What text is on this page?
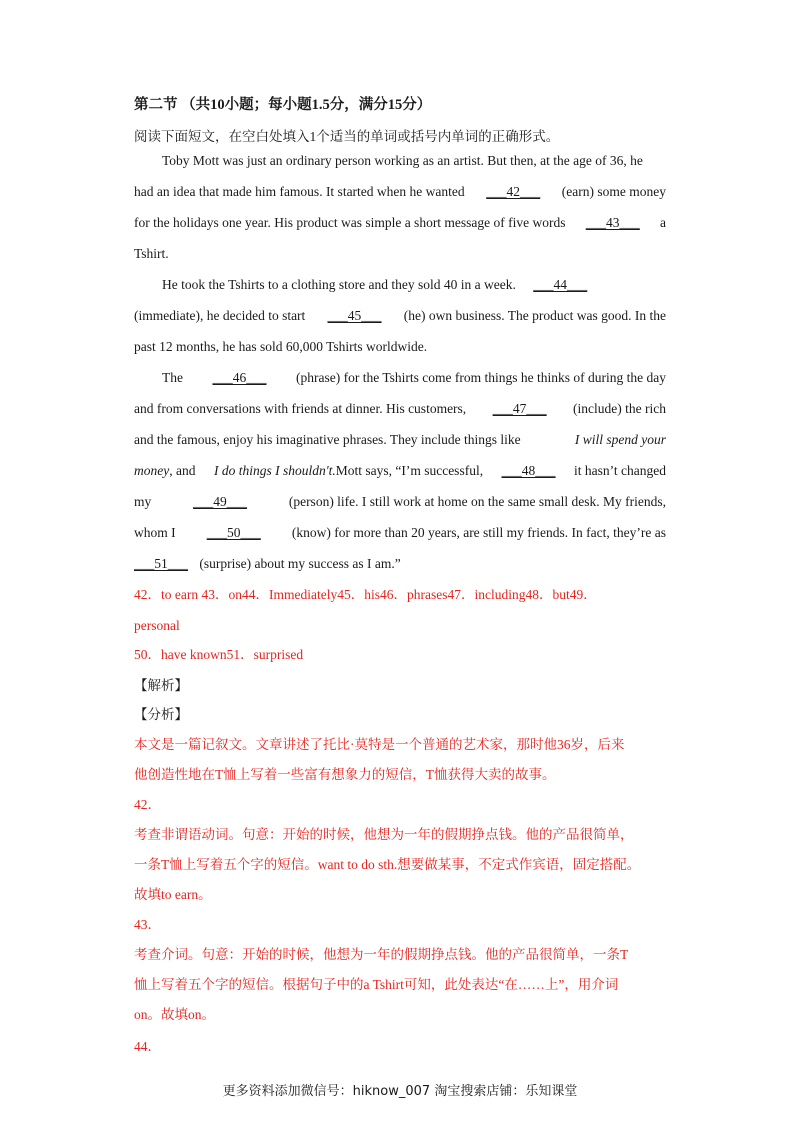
第二节 （共10小题；每小题1.5分，满分15分）
阅读下面短文，在空白处填入1个适当的单词或括号内单词的正确形式。
Toby Mott was just an ordinary person working as an artist. But then, at the age of 36, he
had an idea that made him famous. It started when he wanted ___42___ (earn) some money
for the holidays one year. His product was simple a short message of five words ___43___ a
Tshirt.
He took the Tshirts to a clothing store and they sold 40 in a week. ___44___
(immediate), he decided to start ___45___ (he) own business. The product was good. In the
past 12 months, he has sold 60,000 Tshirts worldwide.
The ___46___ (phrase) for the Tshirts come from things he thinks of during the day
and from conversations with friends at dinner. His customers, ___47___ (include) the rich
and the famous, enjoy his imaginative phrases. They include things like	I will spend your
money, and I do things I shouldn't.Mott says, “I’m successful, ___48___ it hasn’t changed
my	___49___	(person) life. I still work at home on the same small desk. My friends,
whom I ___50___ (know) for more than 20 years, are still my friends. In fact, they’re as
___51___ (surprise) about my success as I am.”
42．to earn 43．on44．Immediately45．his46．phrases47．including48．but49．
personal
50．have known51．surprised
【解析】
【分析】
本文是一篇记叙文。文章讲述了托比·莫特是一个普通的艺术家，那时他36岁，后来
他创造性地在T恤上写着一些富有想象力的短信，T恤获得大卖的故事。
42．
考查非谓语动词。句意：开始的时候，他想为一年的假期挣点钱。他的产品很简单，
一条T恤上写着五个字的短信。want to do sth.想要做某事，不定式作宾语，固定搭配。
故填to earn。
43．
考查介词。句意：开始的时候，他想为一年的假期挣点钱。他的产品很简单，一条T
恤上写着五个字的短信。根据句子中的a Tshirt可知，此处表达“在……上”，用介词
on。故填on。
44．
更多资料添加微信号：hiknow_007 淘宝搜索店铺：乐知课堂
